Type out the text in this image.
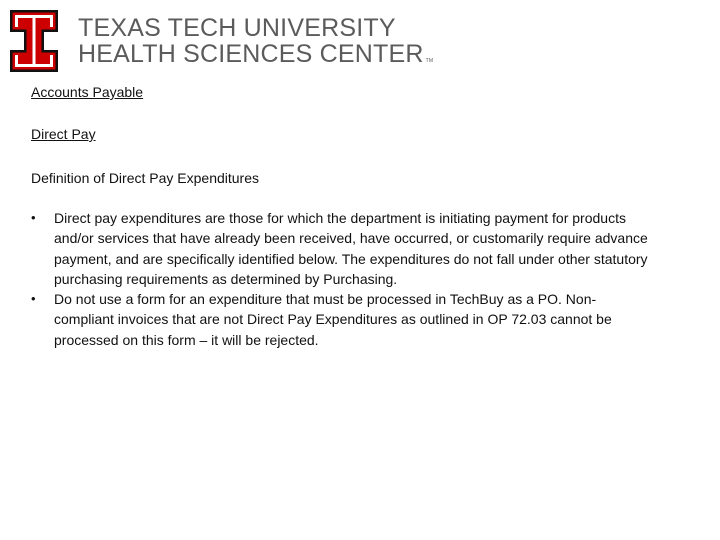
TEXAS TECH UNIVERSITY
HEALTH SCIENCES CENTER TM

Accounts Payable

Direct Pay

Definition of Direct Pay Expenditures

• Direct pay expenditures are those for which the department is initiating payment for products and/or services that have already been received, have occurred, or customarily require advance payment, and are specifically identified below. The expenditures do not fall under other statutory purchasing requirements as determined by Purchasing.
• Do not use a form for an expenditure that must be processed in TechBuy as a PO. Non-compliant invoices that are not Direct Pay Expenditures as outlined in OP 72.03 cannot be processed on this form – it will be rejected.
